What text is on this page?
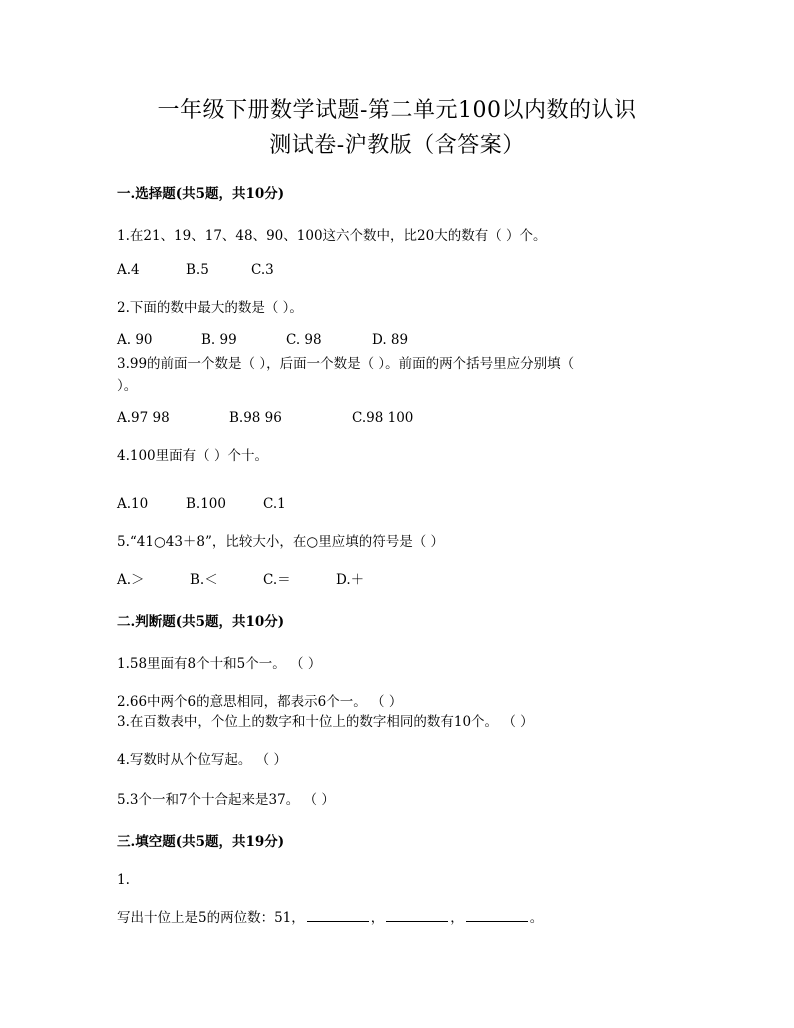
一年级下册数学试题-第二单元100以内数的认识
测试卷-沪教版（含答案）
一.选择题(共5题，共10分)
1.在21、19、17、48、90、100这六个数中，比20大的数有（ ）个。
A.4	B.5	C.3
2.下面的数中最大的数是（ ）。
A. 90	B. 99	C. 98	D. 89
3.99的前面一个数是（ ），后面一个数是（ ）。前面的两个括号里应分别填（
）。
A.97 98	B.98 96	C.98 100
4.100里面有（ ）个十。
A.10	B.100	C.1
5.“41○43＋8”，比较大小，在○里应填的符号是（ ）
A.＞	B.＜	C.＝	D.＋
二.判断题(共5题，共10分)
1.58里面有8个十和5个一。 （ ）
2.66中两个6的意思相同，都表示6个一。 （ ）
3.在百数表中，个位上的数字和十位上的数字相同的数有10个。 （ ）
4.写数时从个位写起。 （ ）
5.3个一和7个十合起来是37。 （ ）
三.填空题(共5题，共19分)
1.
写出十位上是5的两位数：51，	，	，	。
